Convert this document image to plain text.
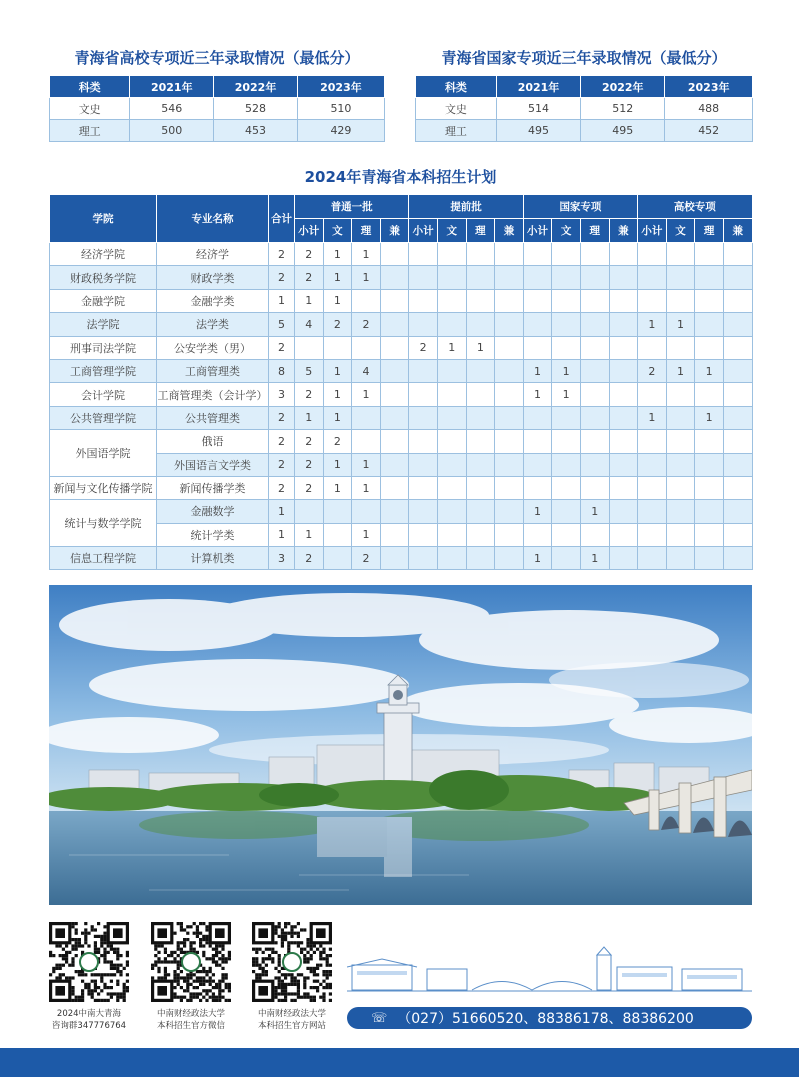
青海省高校专项近三年录取情况（最低分）	青海省国家专项近三年录取情况（最低分）
科类	2021年	2022年	2023年
文史	546	528	510
理工	500	453	429
科类	2021年	2022年	2023年
文史	514	512	488
理工	495	495	452
2024年青海省本科招生计划
学院	专业名称	合计	普通一批				提前批				国家专项				高校专项			
			小计	文	理	兼	小计	文	理	兼	小计	文	理	兼	小计	文	理	兼
经济学院	经济学	2	2	1	1													
财政税务学院	财政学类	2	2	1	1													
金融学院	金融学类	1	1	1														
法学院	法学类	5	4	2	2										1	1		
刑事司法学院	公安学类（男）	2					2	1	1									
工商管理学院	工商管理类	8	5	1	4						1	1			2	1	1	
会计学院	工商管理类（会计学）	3	2	1	1						1	1						
公共管理学院	公共管理类	2	1	1											1		1	
外国语学院	俄语	2	2	2														
	外国语言文学类	2	2	1	1													
新闻与文化传播学院	新闻传播学类	2	2	1	1													
统计与数学学院	金融数学	1									1		1					
	统计学类	1	1		1													
信息工程学院	计算机类	3	2		2						1		1					
2024中南大青海
咨询群347776764
中南财经政法大学
本科招生官方微信
中南财经政法大学
本科招生官方网站
☏ （027）51660520、88386178、88386200
